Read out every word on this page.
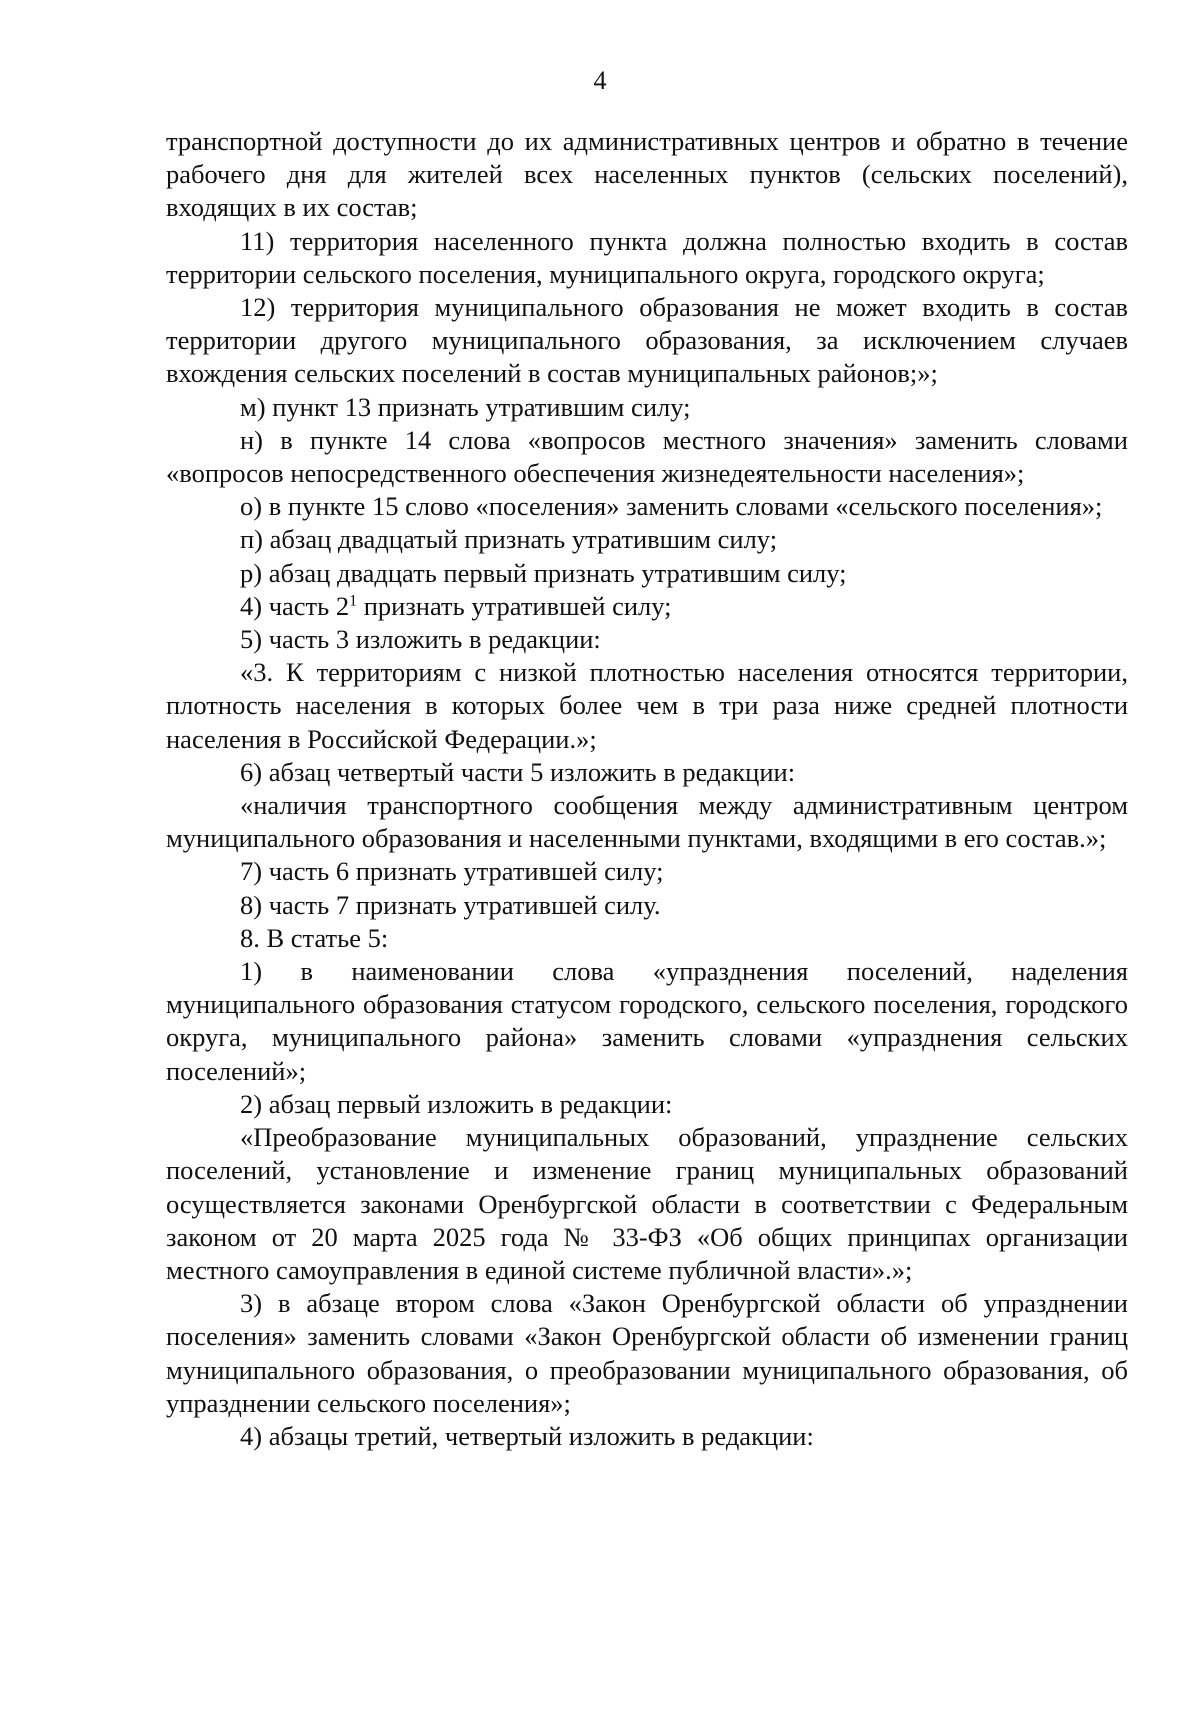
4

транспортной доступности до их административных центров и обратно в течение рабочего дня для жителей всех населенных пунктов (сельских поселений), входящих в их состав;

11) территория населенного пункта должна полностью входить в состав территории сельского поселения, муниципального округа, городского округа;

12) территория муниципального образования не может входить в состав территории другого муниципального образования, за исключением случаев вхождения сельских поселений в состав муниципальных районов;»;

м) пункт 13 признать утратившим силу;

н) в пункте 14 слова «вопросов местного значения» заменить словами «вопросов непосредственного обеспечения жизнедеятельности населения»;

о) в пункте 15 слово «поселения» заменить словами «сельского поселения»;

п) абзац двадцатый признать утратившим силу;

р) абзац двадцать первый признать утратившим силу;

4) часть $2^1$ признать утратившей силу;

5) часть 3 изложить в редакции:

«3. К территориям с низкой плотностью населения относятся территории, плотность населения в которых более чем в три раза ниже средней плотности населения в Российской Федерации.»;

6) абзац четвертый части 5 изложить в редакции:

«наличия транспортного сообщения между административным центром муниципального образования и населенными пунктами, входящими в его состав.»;

7) часть 6 признать утратившей силу;

8) часть 7 признать утратившей силу.

8. В статье 5:

1) в наименовании слова «упразднения поселений, наделения муниципального образования статусом городского, сельского поселения, городского округа, муниципального района» заменить словами «упразднения сельских поселений»;

2) абзац первый изложить в редакции:

«Преобразование муниципальных образований, упразднение сельских поселений, установление и изменение границ муниципальных образований осуществляется законами Оренбургской области в соответствии с Федеральным законом от 20 марта 2025 года № 33-ФЗ «Об общих принципах организации местного самоуправления в единой системе публичной власти».»;

3) в абзаце втором слова «Закон Оренбургской области об упразднении поселения» заменить словами «Закон Оренбургской области об изменении границ муниципального образования, о преобразовании муниципального образования, об упразднении сельского поселения»;

4) абзацы третий, четвертый изложить в редакции:
